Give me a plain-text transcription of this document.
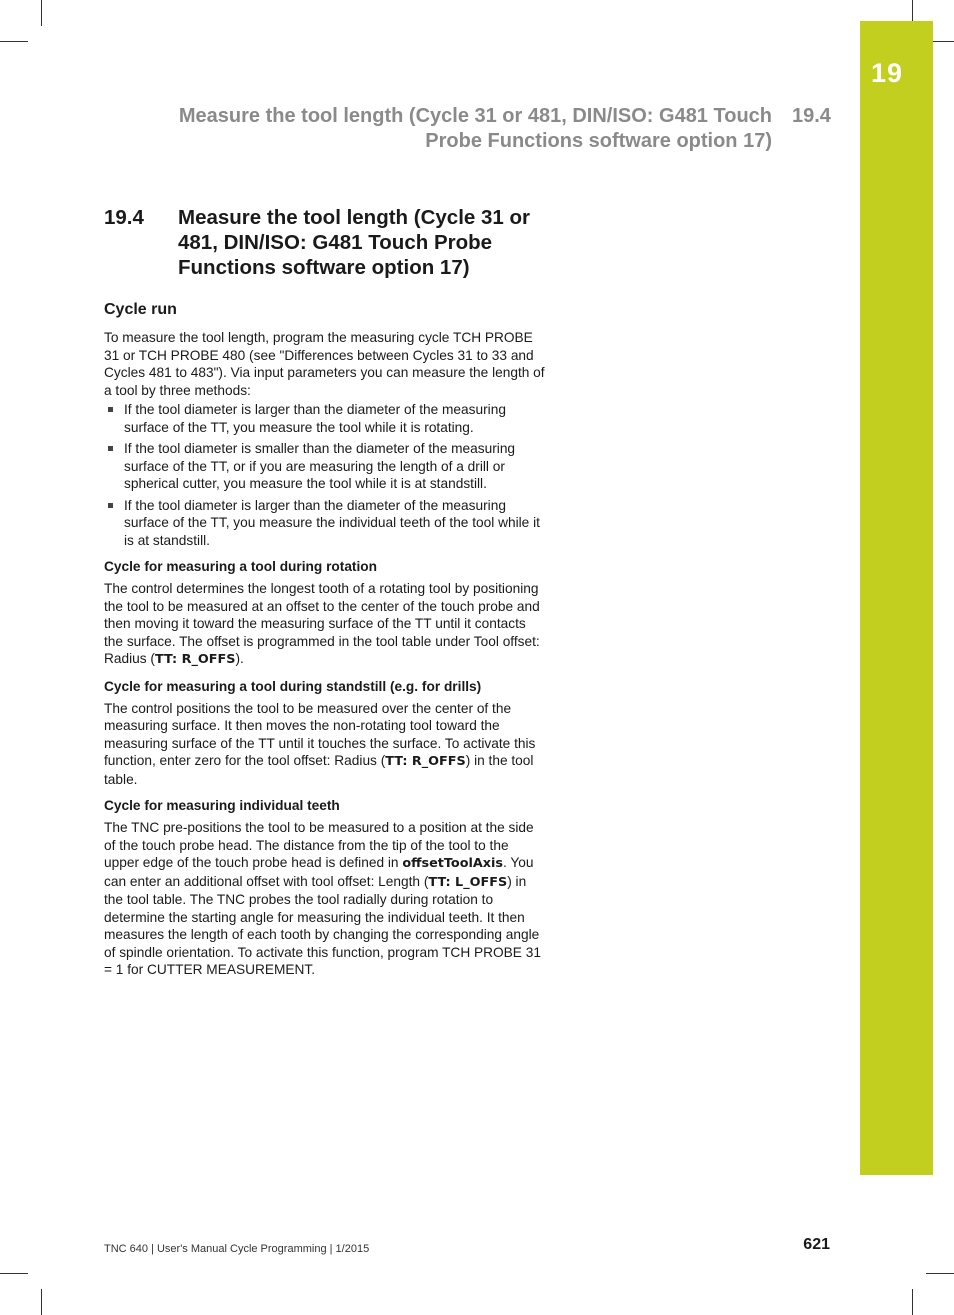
19
Measure the tool length (Cycle 31 or 481, DIN/ISO: G481 Touch Probe Functions software option 17)
19.4
19.4 Measure the tool length (Cycle 31 or 481, DIN/ISO: G481 Touch Probe Functions software option 17)
Cycle run

To measure the tool length, program the measuring cycle TCH PROBE 31 or TCH PROBE 480 (see "Differences between Cycles 31 to 33 and Cycles 481 to 483"). Via input parameters you can measure the length of a tool by three methods:

If the tool diameter is larger than the diameter of the measuring surface of the TT, you measure the tool while it is rotating.
If the tool diameter is smaller than the diameter of the measuring surface of the TT, or if you are measuring the length of a drill or spherical cutter, you measure the tool while it is at standstill.
If the tool diameter is larger than the diameter of the measuring surface of the TT, you measure the individual teeth of the tool while it is at standstill.
Cycle for measuring a tool during rotation

The control determines the longest tooth of a rotating tool by positioning the tool to be measured at an offset to the center of the touch probe and then moving it toward the measuring surface of the TT until it contacts the surface. The offset is programmed in the tool table under Tool offset: Radius (TT: R_OFFS).

Cycle for measuring a tool during standstill (e.g. for drills)

The control positions the tool to be measured over the center of the measuring surface. It then moves the non-rotating tool toward the measuring surface of the TT until it touches the surface. To activate this function, enter zero for the tool offset: Radius (TT: R_OFFS) in the tool table.

Cycle for measuring individual teeth

The TNC pre-positions the tool to be measured to a position at the side of the touch probe head. The distance from the tip of the tool to the upper edge of the touch probe head is defined in offsetToolAxis. You can enter an additional offset with tool offset: Length (TT: L_OFFS) in the tool table. The TNC probes the tool radially during rotation to determine the starting angle for measuring the individual teeth. It then measures the length of each tooth by changing the corresponding angle of spindle orientation. To activate this function, program TCH PROBE 31 = 1 for CUTTER MEASUREMENT.

TNC 640 | User's Manual Cycle Programming | 1/2015	621
